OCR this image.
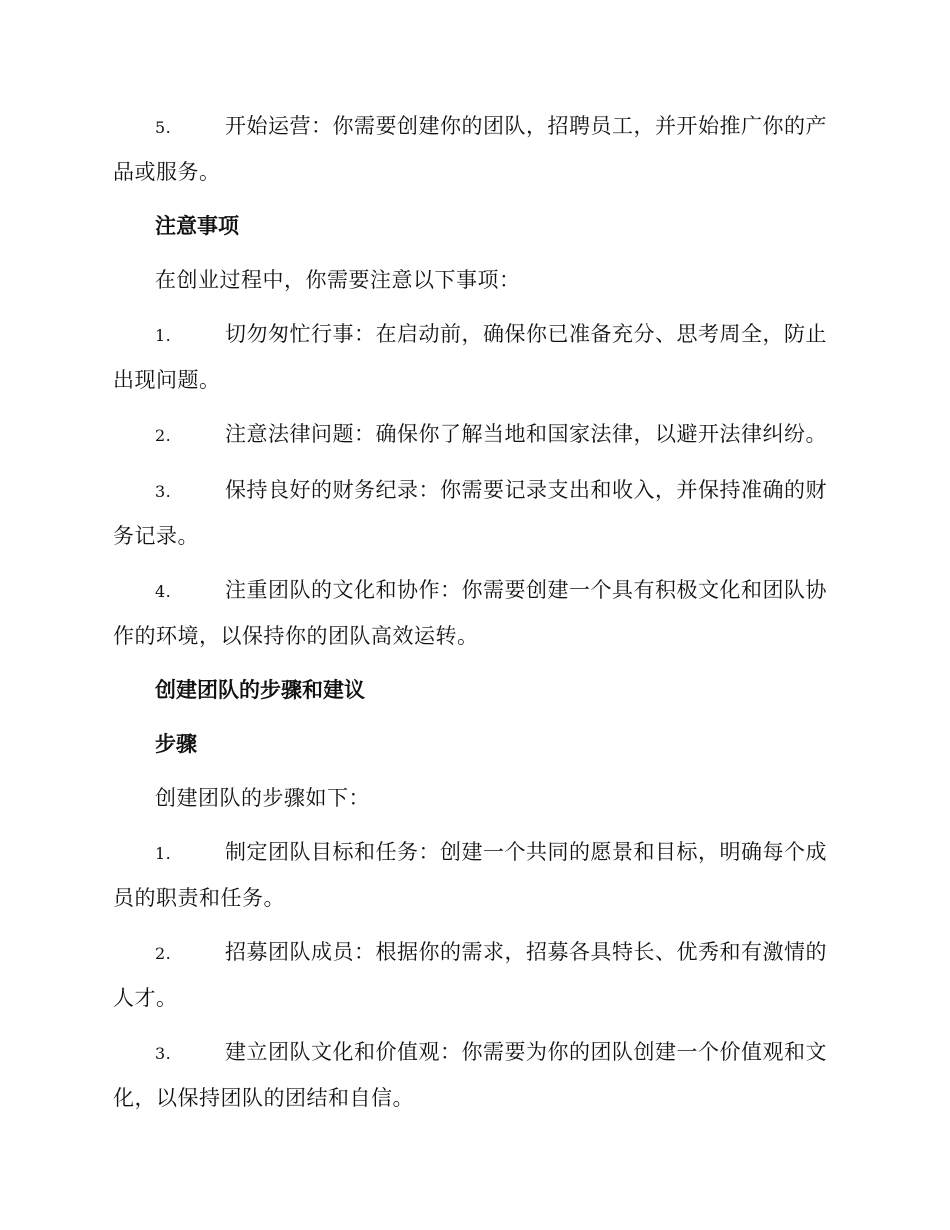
5.	开始运营：你需要创建你的团队，招聘员工，并开始推广你的产品或服务。

注意事项

在创业过程中，你需要注意以下事项：

1.	切勿匆忙行事：在启动前，确保你已准备充分、思考周全，防止出现问题。

2.	注意法律问题：确保你了解当地和国家法律，以避开法律纠纷。

3.	保持良好的财务纪录：你需要记录支出和收入，并保持准确的财务记录。

4.	注重团队的文化和协作：你需要创建一个具有积极文化和团队协作的环境，以保持你的团队高效运转。

创建团队的步骤和建议

步骤

创建团队的步骤如下：

1.	制定团队目标和任务：创建一个共同的愿景和目标，明确每个成员的职责和任务。

2.	招募团队成员：根据你的需求，招募各具特长、优秀和有激情的人才。

3.	建立团队文化和价值观：你需要为你的团队创建一个价值观和文化，以保持团队的团结和自信。
